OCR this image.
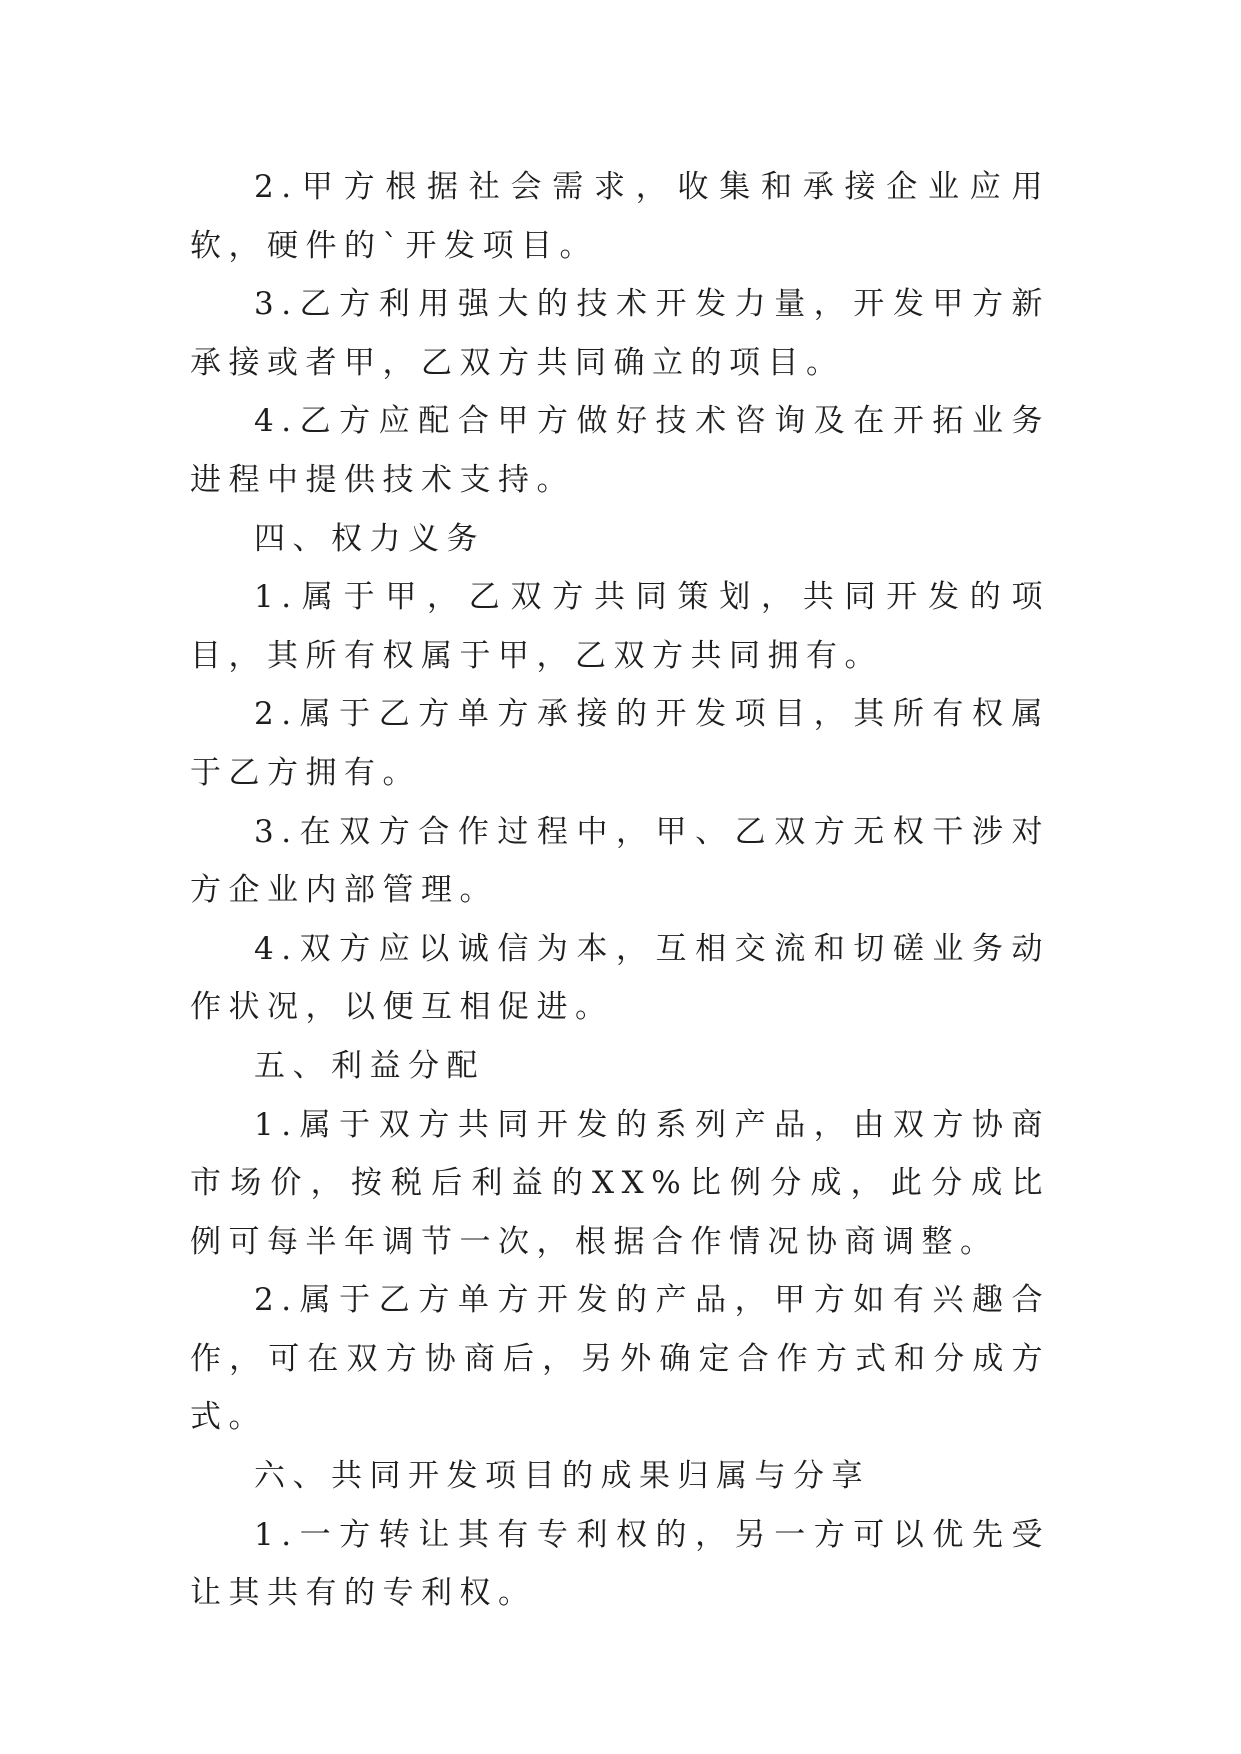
2.甲方根据社会需求，收集和承接企业应用软，硬件的`开发项目。

3.乙方利用强大的技术开发力量，开发甲方新承接或者甲，乙双方共同确立的项目。

4.乙方应配合甲方做好技术咨询及在开拓业务进程中提供技术支持。

四、权力义务

1.属于甲，乙双方共同策划，共同开发的项目，其所有权属于甲，乙双方共同拥有。

2.属于乙方单方承接的开发项目，其所有权属于乙方拥有。

3.在双方合作过程中，甲、乙双方无权干涉对方企业内部管理。

4.双方应以诚信为本，互相交流和切磋业务动作状况，以便互相促进。

五、利益分配

1.属于双方共同开发的系列产品，由双方协商市场价，按税后利益的XX%比例分成，此分成比例可每半年调节一次，根据合作情况协商调整。

2.属于乙方单方开发的产品，甲方如有兴趣合作，可在双方协商后，另外确定合作方式和分成方式。

六、共同开发项目的成果归属与分享

1.一方转让其有专利权的，另一方可以优先受让其共有的专利权。
